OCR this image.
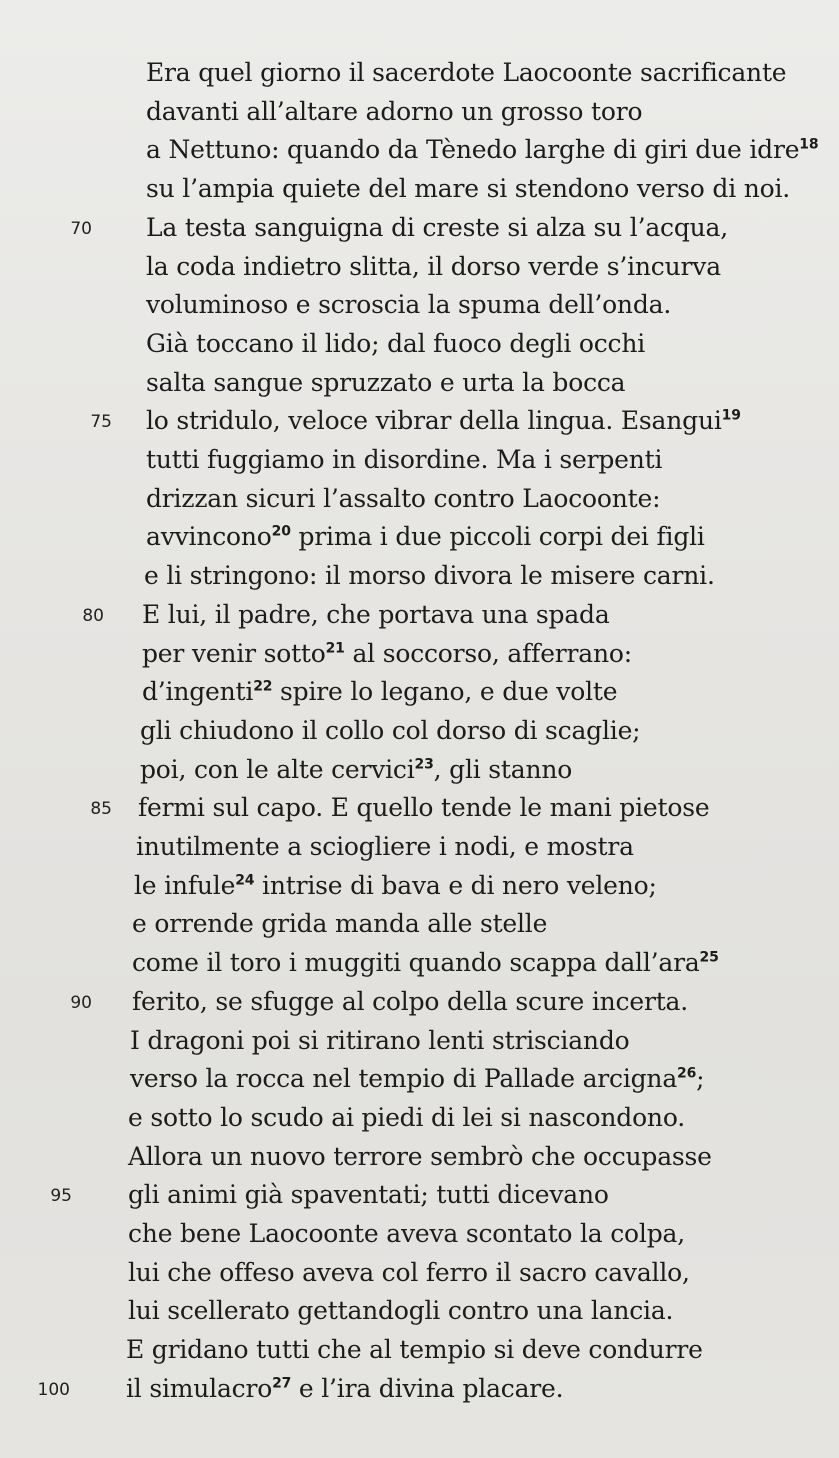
Era quel giorno il sacerdote Laocoonte sacrificante
davanti all’altare adorno un grosso toro
a Nettuno: quando da Tènedo larghe di giri due idre$^{18}$
su l’ampia quiete del mare si stendono verso di noi.
La testa sanguigna di creste si alza su l’acqua,
70
la coda indietro slitta, il dorso verde s’incurva
voluminoso e scroscia la spuma dell’onda.
Già toccano il lido; dal fuoco degli occhi
salta sangue spruzzato e urta la bocca
lo stridulo, veloce vibrar della lingua. Esangui$^{19}$
75
tutti fuggiamo in disordine. Ma i serpenti
drizzan sicuri l’assalto contro Laocoonte:
avvincono$^{20}$ prima i due piccoli corpi dei figli
e li stringono: il morso divora le misere carni.
E lui, il padre, che portava una spada
80
per venir sotto$^{21}$ al soccorso, afferrano:
d’ingenti$^{22}$ spire lo legano, e due volte
gli chiudono il collo col dorso di scaglie;
poi, con le alte cervici$^{23}$, gli stanno
fermi sul capo. E quello tende le mani pietose
85
inutilmente a sciogliere i nodi, e mostra
le infule$^{24}$ intrise di bava e di nero veleno;
e orrende grida manda alle stelle
come il toro i muggiti quando scappa dall’ara$^{25}$
ferito, se sfugge al colpo della scure incerta.
90
I dragoni poi si ritirano lenti strisciando
verso la rocca nel tempio di Pallade arcigna$^{26}$;
e sotto lo scudo ai piedi di lei si nascondono.
Allora un nuovo terrore sembrò che occupasse
gli animi già spaventati; tutti dicevano
95
che bene Laocoonte aveva scontato la colpa,
lui che offeso aveva col ferro il sacro cavallo,
lui scellerato gettandogli contro una lancia.
E gridano tutti che al tempio si deve condurre
il simulacro$^{27}$ e l’ira divina placare.
100
